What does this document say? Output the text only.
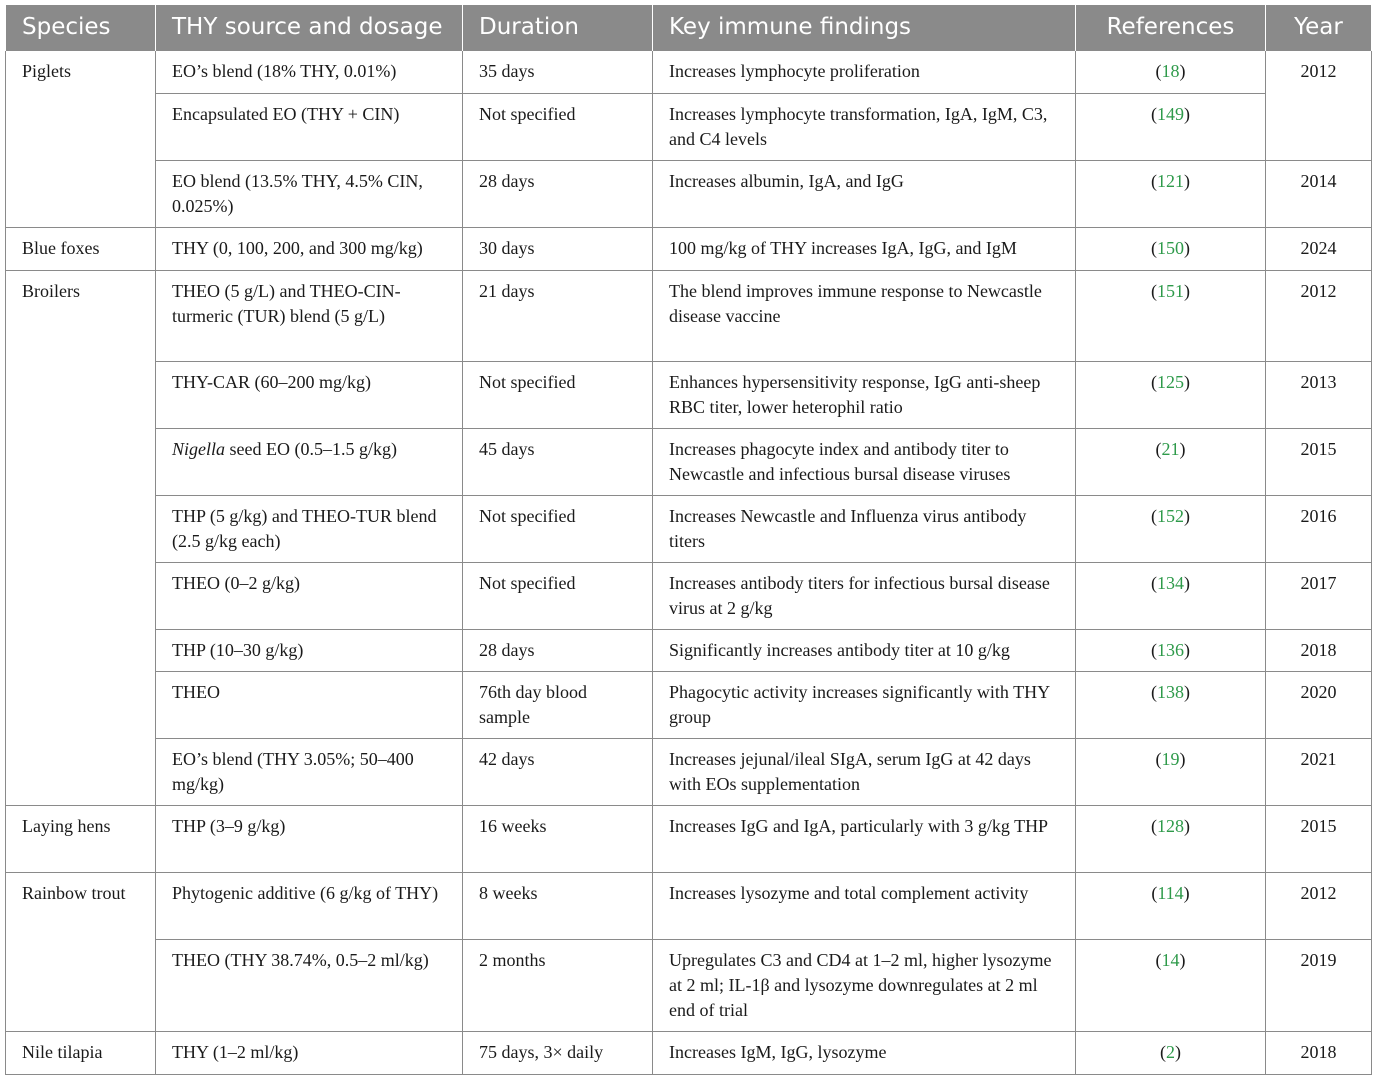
Species	THY source and dosage	Duration	Key immune findings	References	Year
Piglets	EO’s blend (18% THY, 0.01%)	35 days	Increases lymphocyte proliferation	(18)	2012
	Encapsulated EO (THY + CIN)	Not specified	Increases lymphocyte transformation, IgA, IgM, C3, and C4 levels	(149)	
	EO blend (13.5% THY, 4.5% CIN, 0.025%)	28 days	Increases albumin, IgA, and IgG	(121)	2014
Blue foxes	THY (0, 100, 200, and 300 mg/kg)	30 days	100 mg/kg of THY increases IgA, IgG, and IgM	(150)	2024
Broilers	THEO (5 g/L) and THEO-CIN-turmeric (TUR) blend (5 g/L)	21 days	The blend improves immune response to Newcastle disease vaccine	(151)	2012
	THY-CAR (60–200 mg/kg)	Not specified	Enhances hypersensitivity response, IgG anti-sheep RBC titer, lower heterophil ratio	(125)	2013
	Nigella seed EO (0.5–1.5 g/kg)	45 days	Increases phagocyte index and antibody titer to Newcastle and infectious bursal disease viruses	(21)	2015
	THP (5 g/kg) and THEO-TUR blend (2.5 g/kg each)	Not specified	Increases Newcastle and Influenza virus antibody titers	(152)	2016
	THEO (0–2 g/kg)	Not specified	Increases antibody titers for infectious bursal disease virus at 2 g/kg	(134)	2017
	THP (10–30 g/kg)	28 days	Significantly increases antibody titer at 10 g/kg	(136)	2018
	THEO	76th day blood sample	Phagocytic activity increases significantly with THY group	(138)	2020
	EO’s blend (THY 3.05%; 50–400 mg/kg)	42 days	Increases jejunal/ileal SIgA, serum IgG at 42 days with EOs supplementation	(19)	2021
Laying hens	THP (3–9 g/kg)	16 weeks	Increases IgG and IgA, particularly with 3 g/kg THP	(128)	2015
Rainbow trout	Phytogenic additive (6 g/kg of THY)	8 weeks	Increases lysozyme and total complement activity	(114)	2012
	THEO (THY 38.74%, 0.5–2 ml/kg)	2 months	Upregulates C3 and CD4 at 1–2 ml, higher lysozyme at 2 ml; IL-1β and lysozyme downregulates at 2 ml end of trial	(14)	2019
Nile tilapia	THY (1–2 ml/kg)	75 days, 3× daily	Increases IgM, IgG, lysozyme	(2)	2018
